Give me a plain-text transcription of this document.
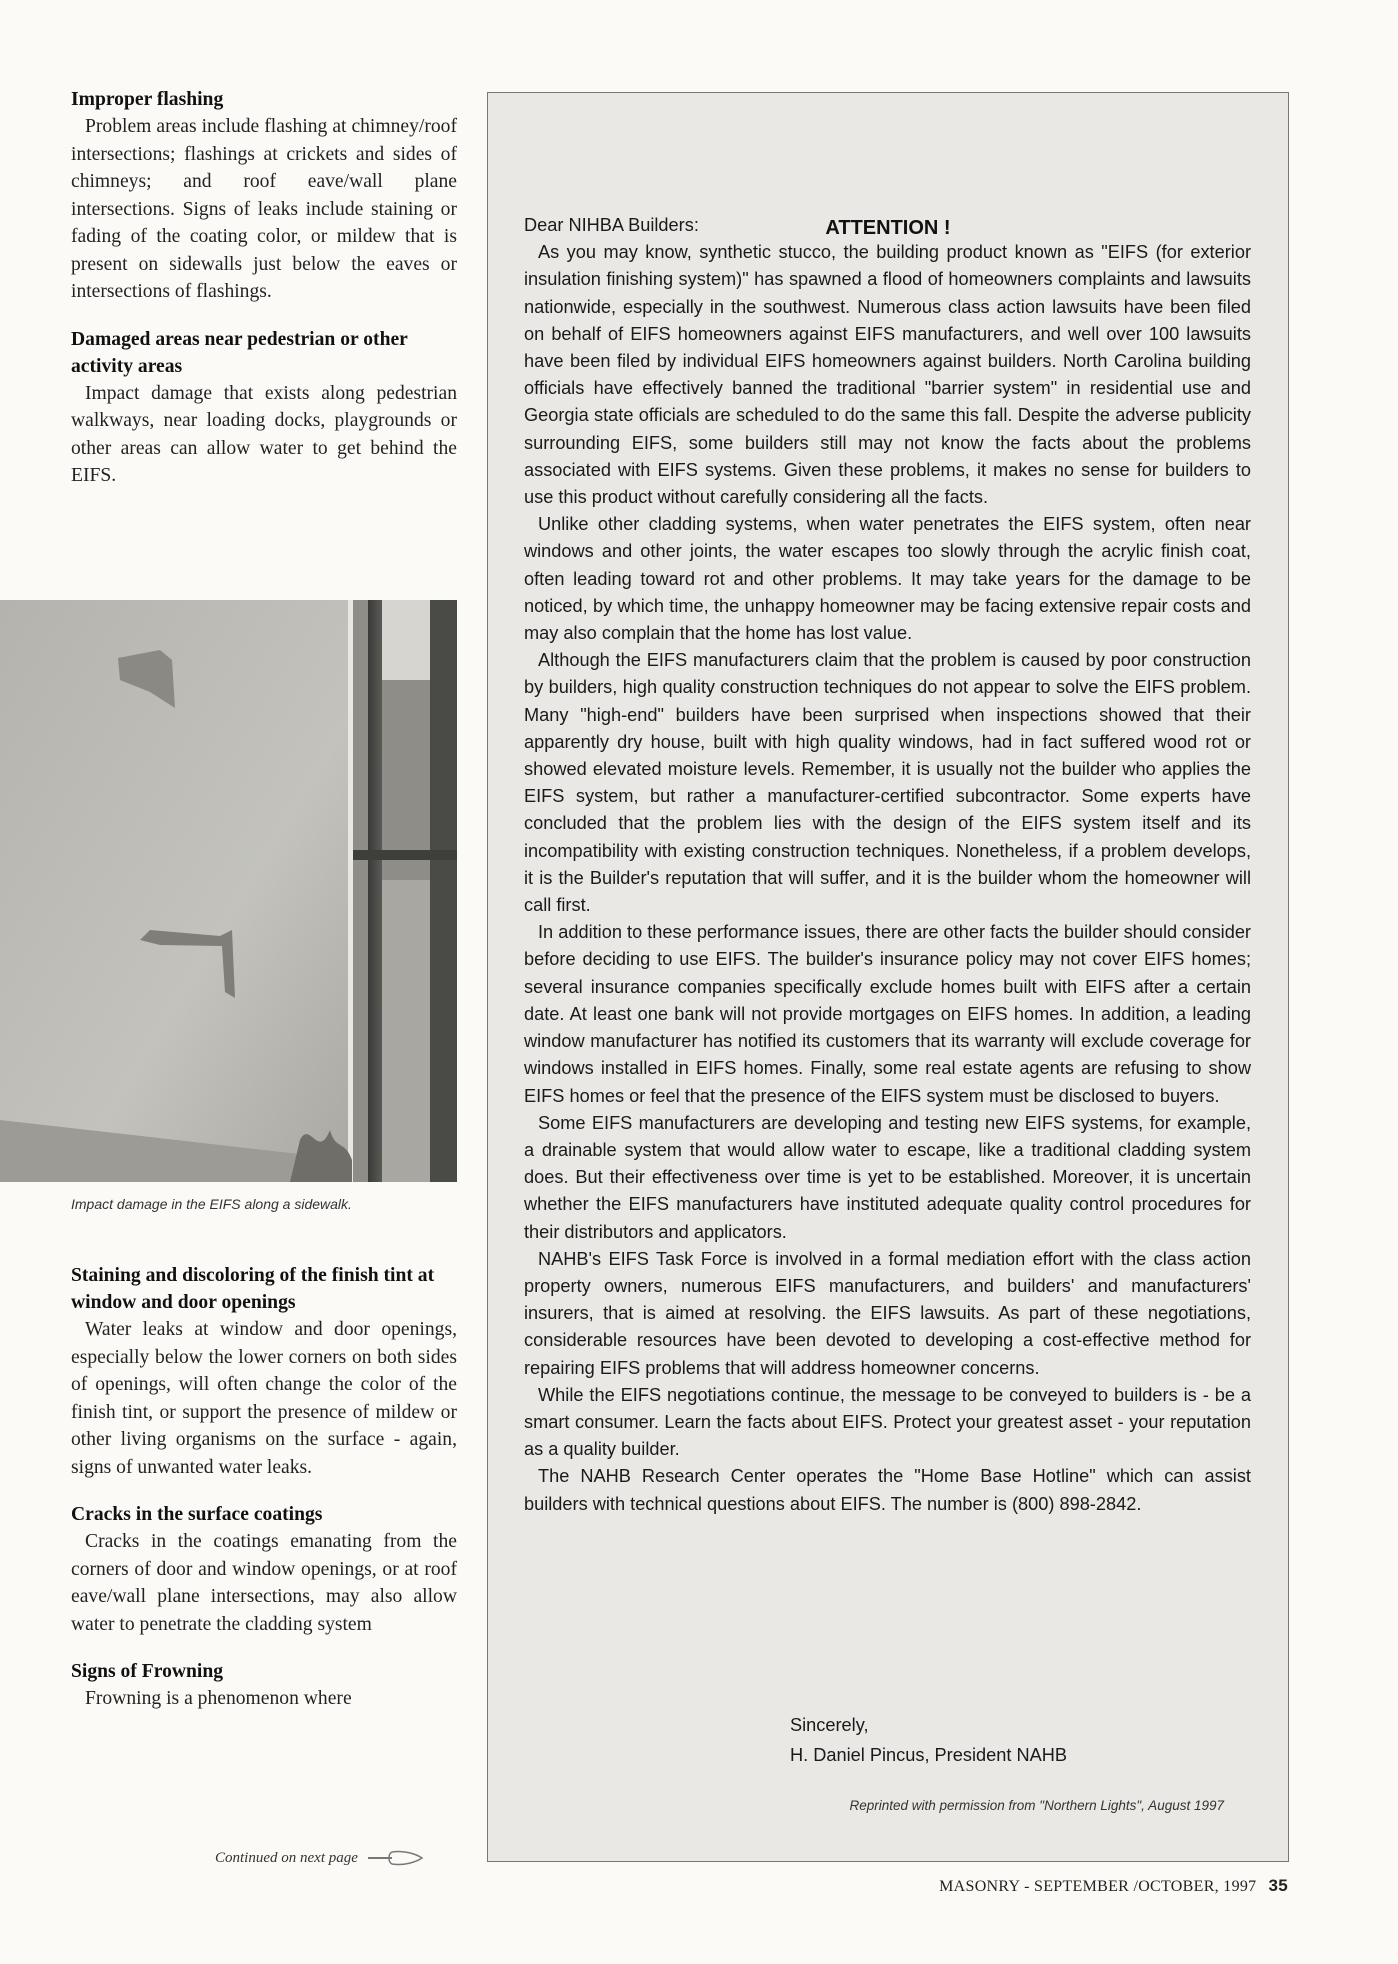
Improper flashing

Problem areas include flashing at chimney/roof intersections; flashings at crickets and sides of chimneys; and roof eave/wall plane intersections. Signs of leaks include staining or fading of the coating color, or mildew that is present on sidewalls just below the eaves or intersections of flashings.

Damaged areas near pedestrian or other activity areas

Impact damage that exists along pedestrian walkways, near loading docks, playgrounds or other areas can allow water to get behind the EIFS.

Impact damage in the EIFS along a sidewalk.
Staining and discoloring of the finish tint at window and door openings

Water leaks at window and door openings, especially below the lower corners on both sides of openings, will often change the color of the finish tint, or support the presence of mildew or other living organisms on the surface - again, signs of unwanted water leaks.

Cracks in the surface coatings

Cracks in the coatings emanating from the corners of door and window openings, or at roof eave/wall plane intersections, may also allow water to penetrate the cladding system

Signs of Frowning

Frowning is a phenomenon where

Continued on next page
ATTENTION !
Dear NIHBA Builders:

As you may know, synthetic stucco, the building product known as "EIFS (for exterior insulation finishing system)" has spawned a flood of homeowners complaints and lawsuits nationwide, especially in the southwest. Numerous class action lawsuits have been filed on behalf of EIFS homeowners against EIFS manufacturers, and well over 100 lawsuits have been filed by individual EIFS homeowners against builders. North Carolina building officials have effectively banned the traditional "barrier system" in residential use and Georgia state officials are scheduled to do the same this fall. Despite the adverse publicity surrounding EIFS, some builders still may not know the facts about the problems associated with EIFS systems. Given these problems, it makes no sense for builders to use this product without carefully considering all the facts.

Unlike other cladding systems, when water penetrates the EIFS system, often near windows and other joints, the water escapes too slowly through the acrylic finish coat, often leading toward rot and other problems. It may take years for the damage to be noticed, by which time, the unhappy homeowner may be facing extensive repair costs and may also complain that the home has lost value.

Although the EIFS manufacturers claim that the problem is caused by poor construction by builders, high quality construction techniques do not appear to solve the EIFS problem. Many "high-end" builders have been surprised when inspections showed that their apparently dry house, built with high quality windows, had in fact suffered wood rot or showed elevated moisture levels. Remember, it is usually not the builder who applies the EIFS system, but rather a manufacturer-certified subcontractor. Some experts have concluded that the problem lies with the design of the EIFS system itself and its incompatibility with existing construction techniques. Nonetheless, if a problem develops, it is the Builder's reputation that will suffer, and it is the builder whom the homeowner will call first.

In addition to these performance issues, there are other facts the builder should consider before deciding to use EIFS. The builder's insurance policy may not cover EIFS homes; several insurance companies specifically exclude homes built with EIFS after a certain date. At least one bank will not provide mortgages on EIFS homes. In addition, a leading window manufacturer has notified its customers that its warranty will exclude coverage for windows installed in EIFS homes. Finally, some real estate agents are refusing to show EIFS homes or feel that the presence of the EIFS system must be disclosed to buyers.

Some EIFS manufacturers are developing and testing new EIFS systems, for example, a drainable system that would allow water to escape, like a traditional cladding system does. But their effectiveness over time is yet to be established. Moreover, it is uncertain whether the EIFS manufacturers have instituted adequate quality control procedures for their distributors and applicators.

NAHB's EIFS Task Force is involved in a formal mediation effort with the class action property owners, numerous EIFS manufacturers, and builders' and manufacturers' insurers, that is aimed at resolving. the EIFS lawsuits. As part of these negotiations, considerable resources have been devoted to developing a cost-effective method for repairing EIFS problems that will address homeowner concerns.

While the EIFS negotiations continue, the message to be conveyed to builders is - be a smart consumer. Learn the facts about EIFS. Protect your greatest asset - your reputation as a quality builder.

The NAHB Research Center operates the "Home Base Hotline" which can assist builders with technical questions about EIFS. The number is (800) 898-2842.

Sincerely,
H. Daniel Pincus, President NAHB
Reprinted with permission from "Northern Lights", August 1997
MASONRY - SEPTEMBER /OCTOBER, 1997 35
